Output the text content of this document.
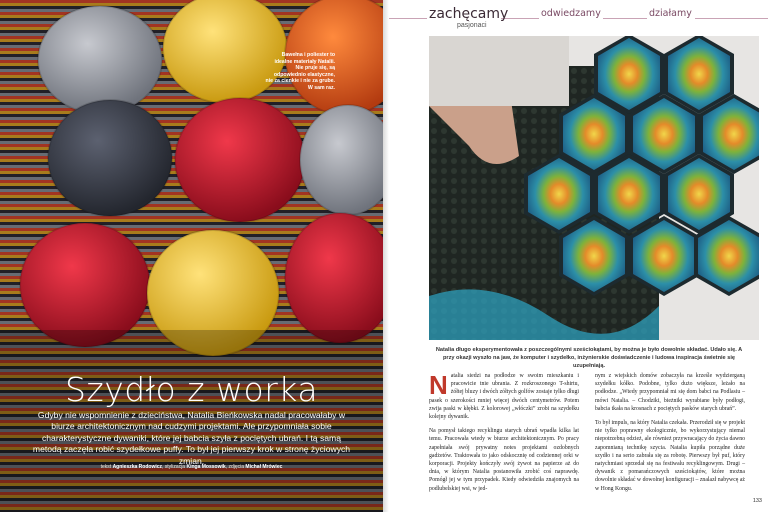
Bawełna i poliester to idealne materiały Natalii. Nie pruje się, są odpowiednio elastyczne, nie za cienkie i nie za grube. W sam raz.
Szydło z worka
Gdyby nie wspomnienie z dzieciństwa, Natalia Bieńkowska nadal pracowałaby w biurze architektonicznym nad cudzymi projektami. Ale przypomniała sobie charakterystyczne dywaniki, które jej babcia szyła z pociętych ubrań. I tą samą metodą zaczęła robić szydełkowe puffy. To był jej pierwszy krok w stronę życiowych zmian.
tekst Agnieszka Rodowicz, stylizacja Kinga Mossowik, zdjęcia Michał Mrówiec
zachęcamy
pasjonaci
odwiedzamy	działamy
Natalia długo eksperymentowała z poszczególnymi sześciokątami, by można je było dowolnie składać. Udało się. A przy okazji wyszło na jaw, że komputer i szydełko, inżynierskie doświadczenie i ludowa inspiracja świetnie się uzupełniają.

Natalia siedzi na podłodze w swoim mieszkaniu i pracowicie tnie ubrania. Z rozkroszonego T-shirtu, żółtej bluzy i dwóch zółtych golfów zostaje tylko długi pasek o szerokości mniej więcej dwóch centymetrów. Potem zwija paski w kłębki. Z kolorowej „włóczki” zrobi na szydełku kolejny dywanik.

Na pomysł takiego recyklingu starych ubrań wpadła kilka lat temu. Pracowała wtedy w biurze architektonicznym. Po pracy zapełniała swój prywatny notes projektami ozdobnych gadżetów. Traktowała to jako odskocznię od codziennej orki w korporacji. Projekty kończyły swój żywot na papierze aż do dnia, w którym Natalia postanowiła zrobić coś naprawdę. Pomógł jej w tym przypadek. Kiedy odwiedziła znajomych na podlubelskiej wsi, w jed-

nym z wiejskich domów zobaczyła na krześle wydzierganą szydełku kółko. Podobne, tylko dużo większe, leżało na podłodze. „Wtedy przypomniał mi się dom babci na Podlasiu – mówi Natalia. – Chodziki, bieżniki wyrabiane były podłogi, babcia tkała na krosnach z pociętych pasków starych ubrań”.

To był impuls, na który Natalia czekała. Przerodził się w projekt nie tylko poprawny ekologicznie, bo wykorzystujący niemal niepotrzebną odzież, ale również przywracający do życia dawno zapomnianą technikę szycia. Natalia kupiła porządne duże szydło i na serio zabrała się za robotę. Pierwszy był puf, który natychmiast sprzedał się na festiwalu recyklingowym. Drugi – dywanik z pomarańczowych sześciokątów, które można dowolnie składać w dowolnej konfiguracji – znalazł nabywcę aż w Hong Kongu.

133
